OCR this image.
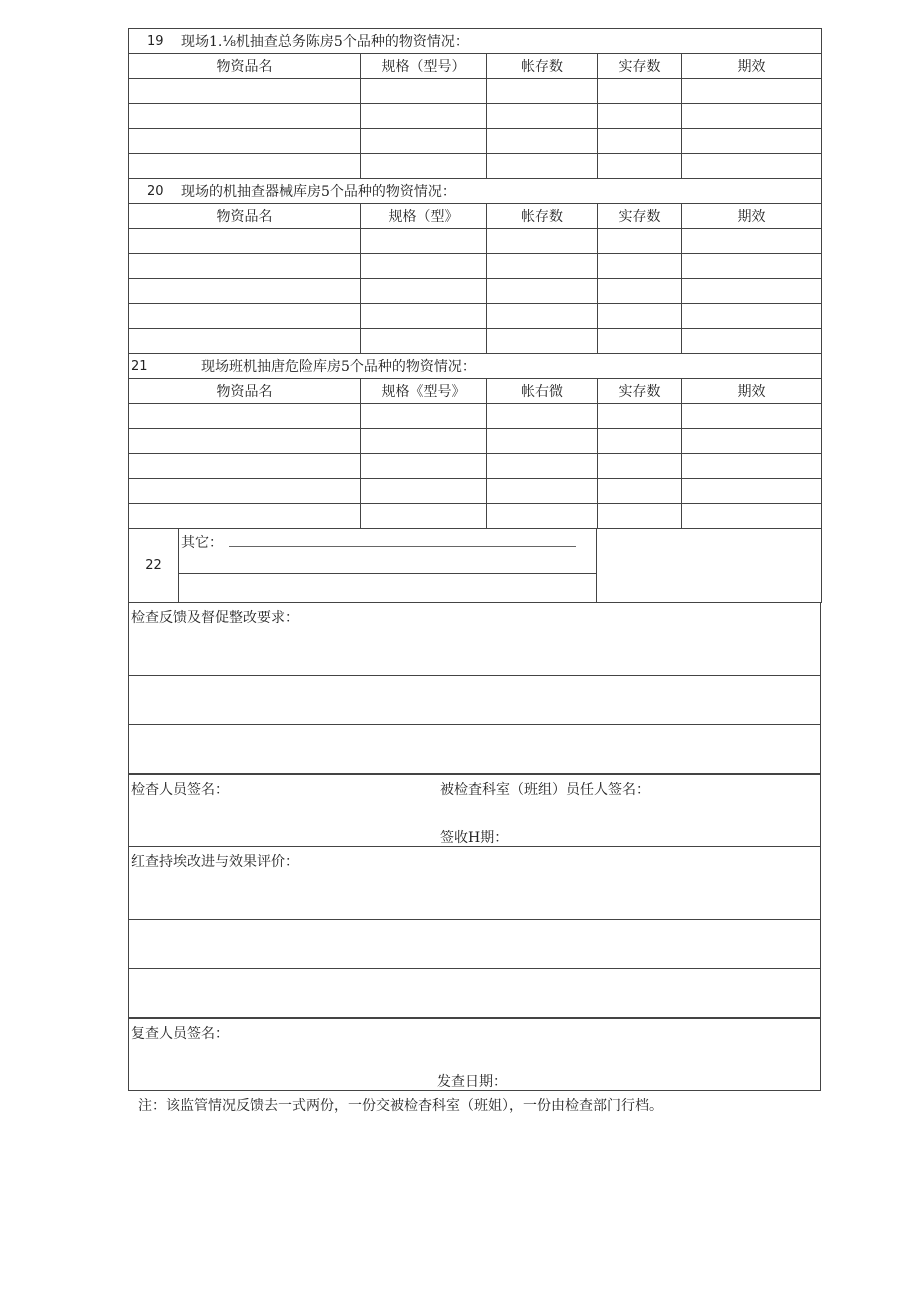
19 现场1.⅛机抽查总务陈房5个品种的物资情况：				

物资品名	规格（型号）	帐存数	实存数	期效

20 现场的机抽查器械库房5个品种的物资情况：				

物资品名	规格（型》	帐存数	实存数	期效

21 现场班机抽唐危险库房5个品种的物资情况：				

物资品名	规格《型号》	帐右微	实存数	期效

22	
其它：

检查反馈及督促整改要求：
检杳人员签名：	被检査科室（班组）员任人签名：
签收H期：
红查持埃改进与效果评价：
复查人员签名：
发查日期：
注：该监管情况反馈去一式两份，一份交被检杳科室（班姐），一份由检查部门行档。
